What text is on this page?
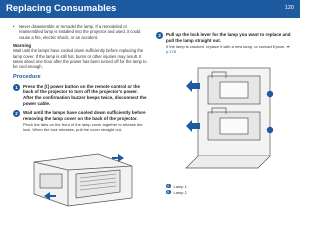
Replacing Consumables	120
•	Never disassemble or remodel the lamp. If a remodeled or reassembled lamp is installed into the projector and used, it could cause a fire, electric shock, or an accident.
Warning
Wait until the lamps have cooled down sufficiently before replacing the lamp cover. If the lamp is still hot, burns or other injuries may result. It takes about one hour after the power has been turned off for the lamp to be cool enough.
Procedure
1	Press the [t] power button on the remote control or the back of the projector to turn off the projector's power. After the confirmation buzzer beeps twice, disconnect the power cable.
2	Wait until the lamps have cooled down sufficiently before removing the lamp cover on the back of the projector.
Pinch the tabs on the front of the lamp cover together to release the lock. When the lock releases, pull the cover straight out.
3	Pull up the lock lever for the lamp you want to replace and pull the lamp straight out.
If the lamp is cracked, replace it with a new lamp, or contact Epson. ➡ p.178
A Lamp 1
B Lamp 2
